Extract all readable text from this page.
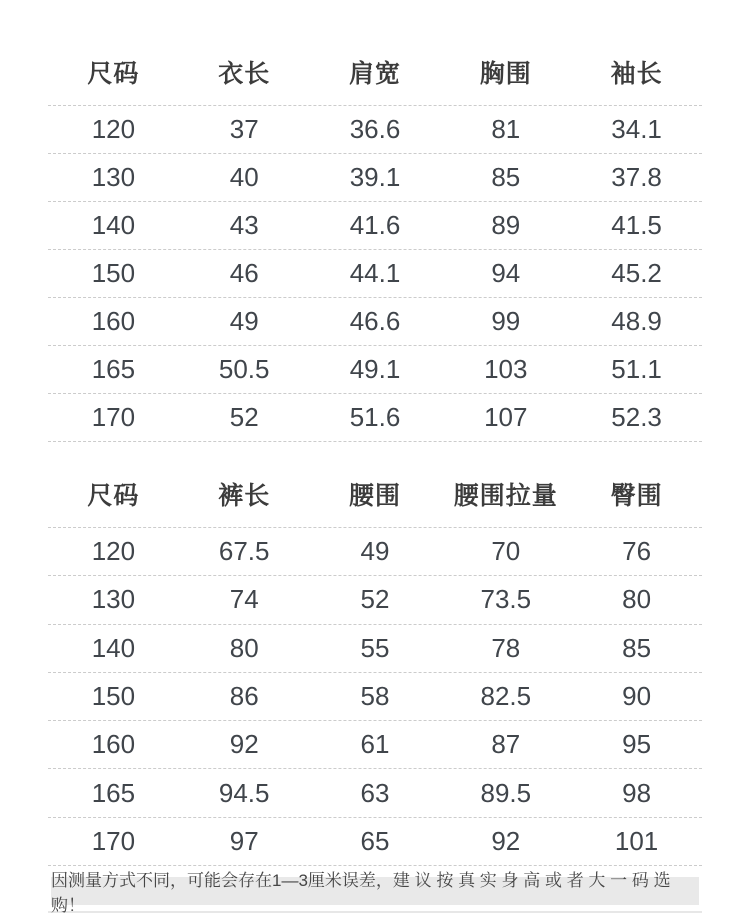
尺码	衣长	肩宽	胸围	袖长
120	37	36.6	81	34.1
130	40	39.1	85	37.8
140	43	41.6	89	41.5
150	46	44.1	94	45.2
160	49	46.6	99	48.9
165	50.5	49.1	103	51.1
170	52	51.6	107	52.3
尺码	裤长	腰围	腰围拉量	臀围
120	67.5	49	70	76
130	74	52	73.5	80
140	80	55	78	85
150	86	58	82.5	90
160	92	61	87	95
165	94.5	63	89.5	98
170	97	65	92	101
因测量方式不同，可能会存在1—3厘米误差，建 议 按 真 实 身 高 或 者 大 一 码 选 购！
